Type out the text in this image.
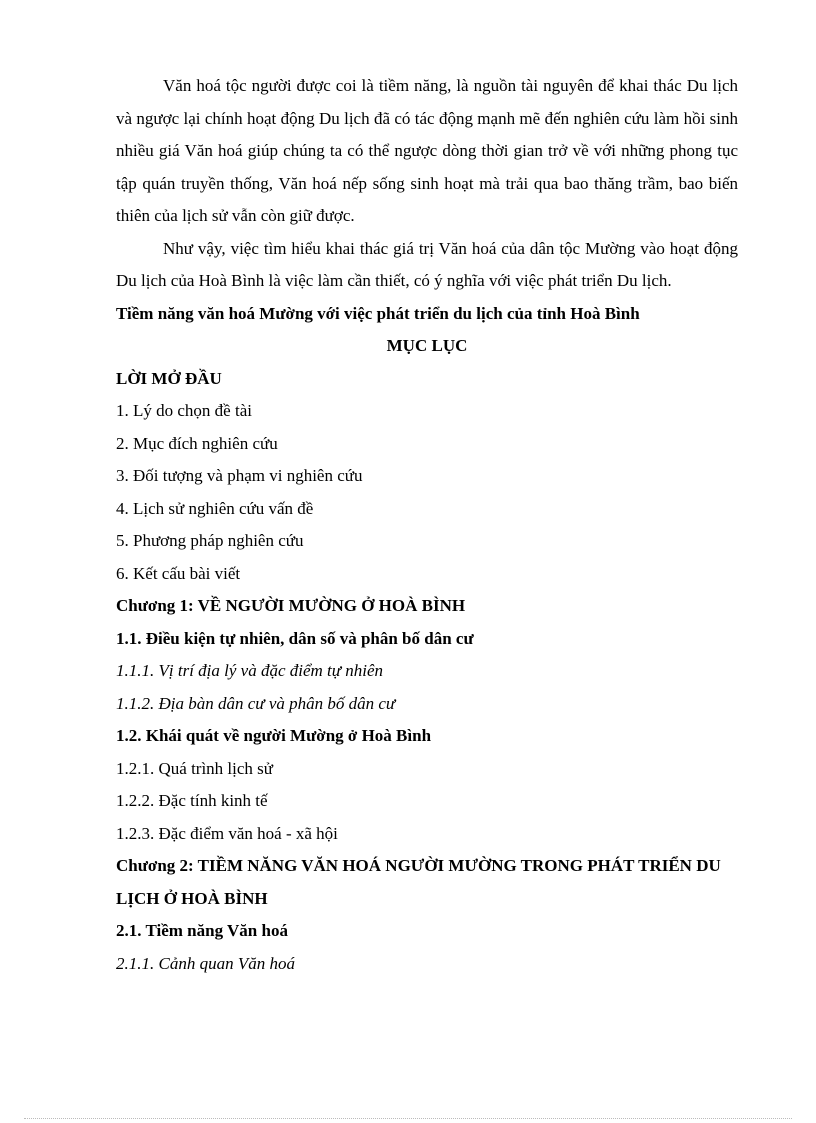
Văn hoá tộc người được coi là tiềm năng, là nguồn tài nguyên để khai thác Du lịch và ngược lại chính hoạt động Du lịch đã có tác động mạnh mẽ đến nghiên cứu làm hồi sinh nhiều giá Văn hoá giúp chúng ta có thể ngược dòng thời gian trở về với những phong tục tập quán truyền thống, Văn hoá nếp sống sinh hoạt mà trải qua bao thăng trầm, bao biến thiên của lịch sử vẫn còn giữ được.

Như vậy, việc tìm hiểu khai thác giá trị Văn hoá của dân tộc Mường vào hoạt động Du lịch của Hoà Bình là việc làm cần thiết, có ý nghĩa với việc phát triển Du lịch.

Tiềm năng văn hoá Mường với việc phát triển du lịch của tỉnh Hoà Bình

MỤC LỤC

LỜI MỞ ĐẦU

1. Lý do chọn đề tài

2. Mục đích nghiên cứu

3. Đối tượng và phạm vi nghiên cứu

4. Lịch sử nghiên cứu vấn đề

5. Phương pháp nghiên cứu

6. Kết cấu bài viết

Chương 1: VỀ NGƯỜI MƯỜNG Ở HOÀ BÌNH

1.1. Điều kiện tự nhiên, dân số và phân bố dân cư

1.1.1. Vị trí địa lý và đặc điểm tự nhiên

1.1.2. Địa bàn dân cư và phân bố dân cư

1.2. Khái quát về người Mường ở Hoà Bình

1.2.1. Quá trình lịch sử

1.2.2. Đặc tính kinh tế

1.2.3. Đặc điểm văn hoá - xã hội

Chương 2: TIỀM NĂNG VĂN HOÁ NGƯỜI MƯỜNG TRONG PHÁT TRIỂN DU LỊCH Ở HOÀ BÌNH

2.1. Tiềm năng Văn hoá

2.1.1. Cảnh quan Văn hoá
